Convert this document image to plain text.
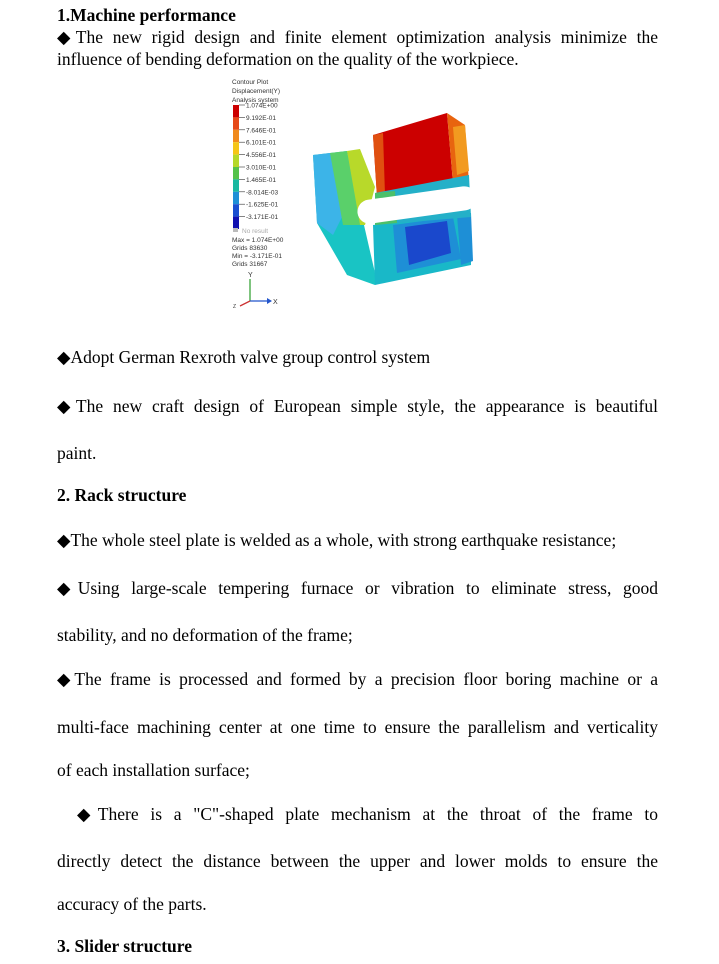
1.Machine performance
◆The new rigid design and finite element optimization analysis minimize the
influence of bending deformation on the quality of the workpiece.
Contour Plot
Displacement(Y)
Analysis system
1.074E+00
9.192E-01
7.646E-01
6.101E-01
4.556E-01
3.010E-01
1.465E-01
-8.014E-03
-1.625E-01
-3.171E-01
No result
Max = 1.074E+00
Grids 83630
Min = -3.171E-01
Grids 31667
Y
X
Z
◆Adopt German Rexroth valve group control system
◆The new craft design of European simple style, the appearance is beautiful
paint.
2. Rack structure
◆The whole steel plate is welded as a whole, with strong earthquake resistance;
◆Using large-scale tempering furnace or vibration to eliminate stress, good
stability, and no deformation of the frame;
◆The frame is processed and formed by a precision floor boring machine or a
multi-face machining center at one time to ensure the parallelism and verticality
of each installation surface;
◆There is a "C"-shaped plate mechanism at the throat of the frame to
directly detect the distance between the upper and lower molds to ensure the
accuracy of the parts.
3. Slider structure
